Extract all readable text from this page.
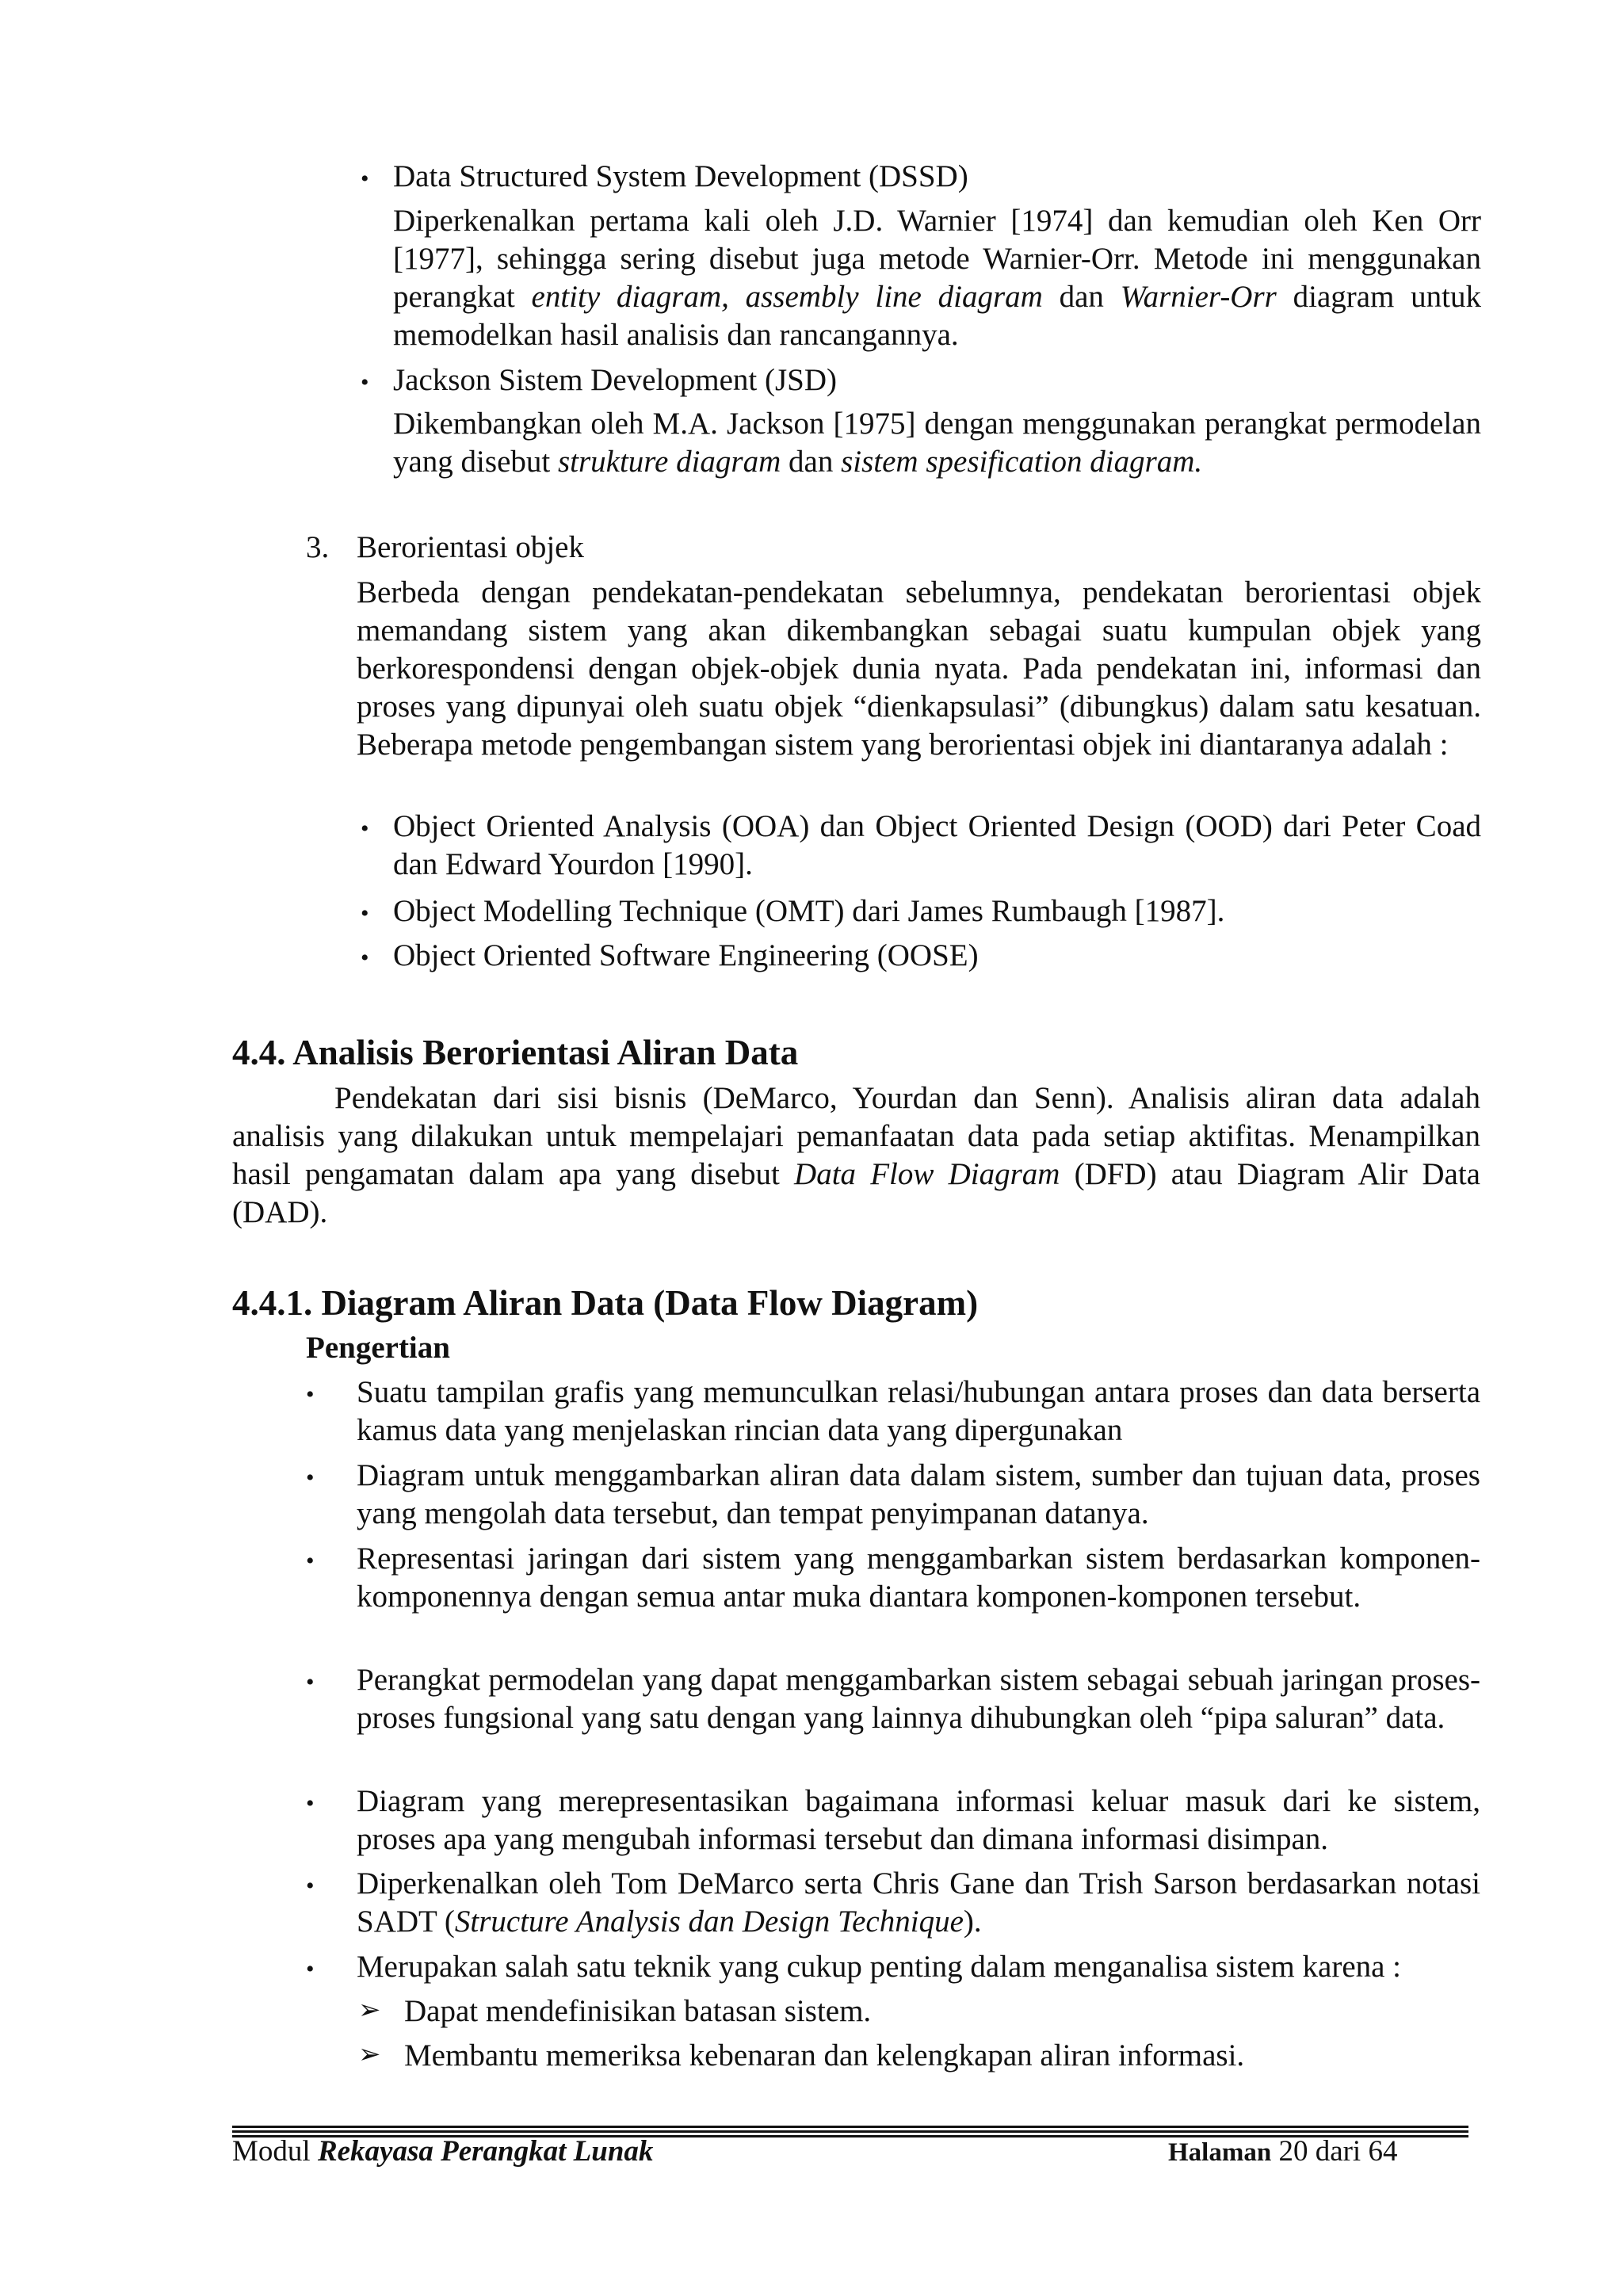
• Data Structured System Development (DSSD)
Diperkenalkan pertama kali oleh J.D. Warnier [1974] dan kemudian oleh Ken Orr [1977], sehingga sering disebut juga metode Warnier-Orr. Metode ini menggunakan perangkat entity diagram, assembly line diagram dan Warnier-Orr diagram untuk memodelkan hasil analisis dan rancangannya.
• Jackson Sistem Development (JSD)
Dikembangkan oleh M.A. Jackson [1975] dengan menggunakan perangkat permodelan yang disebut strukture diagram dan sistem spesification diagram.
3. Berorientasi objek
Berbeda dengan pendekatan-pendekatan sebelumnya, pendekatan berorientasi objek memandang sistem yang akan dikembangkan sebagai suatu kumpulan objek yang berkorespondensi dengan objek-objek dunia nyata. Pada pendekatan ini, informasi dan proses yang dipunyai oleh suatu objek “dienkapsulasi” (dibungkus) dalam satu kesatuan. Beberapa metode pengembangan sistem yang berorientasi objek ini diantaranya adalah :
• Object Oriented Analysis (OOA) dan Object Oriented Design (OOD) dari Peter Coad dan Edward Yourdon [1990].
• Object Modelling Technique (OMT) dari James Rumbaugh [1987].
• Object Oriented Software Engineering (OOSE)
4.4. Analisis Berorientasi Aliran Data
Pendekatan dari sisi bisnis (DeMarco, Yourdan dan Senn). Analisis aliran data adalah analisis yang dilakukan untuk mempelajari pemanfaatan data pada setiap aktifitas. Menampilkan hasil pengamatan dalam apa yang disebut Data Flow Diagram (DFD) atau Diagram Alir Data (DAD).
4.4.1. Diagram Aliran Data (Data Flow Diagram)
Pengertian
• Suatu tampilan grafis yang memunculkan relasi/hubungan antara proses dan data berserta kamus data yang menjelaskan rincian data yang dipergunakan
• Diagram untuk menggambarkan aliran data dalam sistem, sumber dan tujuan data, proses yang mengolah data tersebut, dan tempat penyimpanan datanya.
• Representasi jaringan dari sistem yang menggambarkan sistem berdasarkan komponen-komponennya dengan semua antar muka diantara komponen-komponen tersebut.
• Perangkat permodelan yang dapat menggambarkan sistem sebagai sebuah jaringan proses-proses fungsional yang satu dengan yang lainnya dihubungkan oleh “pipa saluran” data.
• Diagram yang merepresentasikan bagaimana informasi keluar masuk dari ke sistem, proses apa yang mengubah informasi tersebut dan dimana informasi disimpan.
• Diperkenalkan oleh Tom DeMarco serta Chris Gane dan Trish Sarson berdasarkan notasi SADT (Structure Analysis dan Design Technique).
• Merupakan salah satu teknik yang cukup penting dalam menganalisa sistem karena :
➢ Dapat mendefinisikan batasan sistem.
➢ Membantu memeriksa kebenaran dan kelengkapan aliran informasi.
Modul Rekayasa Perangkat Lunak	Halaman 20 dari 64
